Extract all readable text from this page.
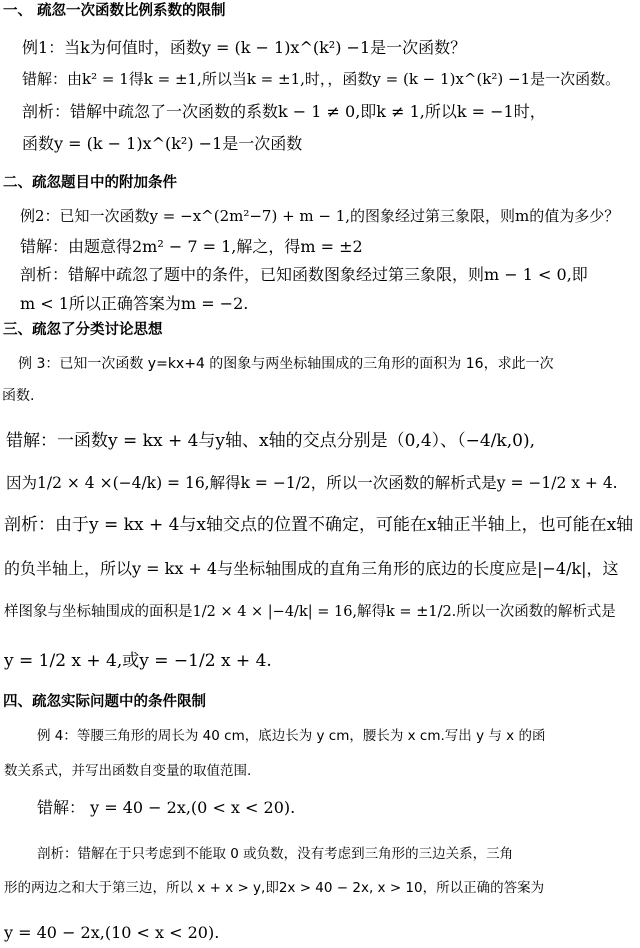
一、 疏忽一次函数比例系数的限制
例1：当k为何值时，函数y = (k − 1)x^(k²) −1是一次函数？
错解：由k² = 1得k = ±1,所以当k = ±1,时，，函数y = (k − 1)x^(k²) −1是一次函数。
剖析：错解中疏忽了一次函数的系数k − 1 ≠ 0,即k ≠ 1,所以k = −1时，
函数y = (k − 1)x^(k²) −1是一次函数
二、疏忽题目中的附加条件
例2：已知一次函数y = −x^(2m²−7) + m − 1,的图象经过第三象限，则m的值为多少？
错解：由题意得2m² − 7 = 1,解之，得m = ±2
剖析：错解中疏忽了题中的条件，已知函数图象经过第三象限，则m − 1 < 0,即
m < 1所以正确答案为m = −2.
三、疏忽了分类讨论思想
例 3：已知一次函数 y=kx+4 的图象与两坐标轴围成的三角形的面积为 16，求此一次
函数.
错解：一函数y = kx + 4与y轴、x轴的交点分别是（0,4）、（−4/k,0),
因为1/2 × 4 ×(−4/k) = 16,解得k = −1/2，所以一次函数的解析式是y = −1/2 x + 4.
剖析：由于y = kx + 4与x轴交点的位置不确定，可能在x轴正半轴上，也可能在x轴
的负半轴上，所以y = kx + 4与坐标轴围成的直角三角形的底边的长度应是|−4/k|，这
样图象与坐标轴围成的面积是1/2 × 4 × |−4/k| = 16,解得k = ±1/2.所以一次函数的解析式是
y = 1/2 x + 4,或y = −1/2 x + 4.
四、疏忽实际问题中的条件限制
例 4：等腰三角形的周长为 40 cm，底边长为 y cm，腰长为 x cm.写出 y 与 x 的函
数关系式，并写出函数自变量的取值范围.
错解： y = 40 − 2x,(0 < x < 20).
剖析：错解在于只考虑到不能取 0 或负数，没有考虑到三角形的三边关系，三角
形的两边之和大于第三边，所以 x + x > y,即2x > 40 − 2x, x > 10，所以正确的答案为
y = 40 − 2x,(10 < x < 20).
